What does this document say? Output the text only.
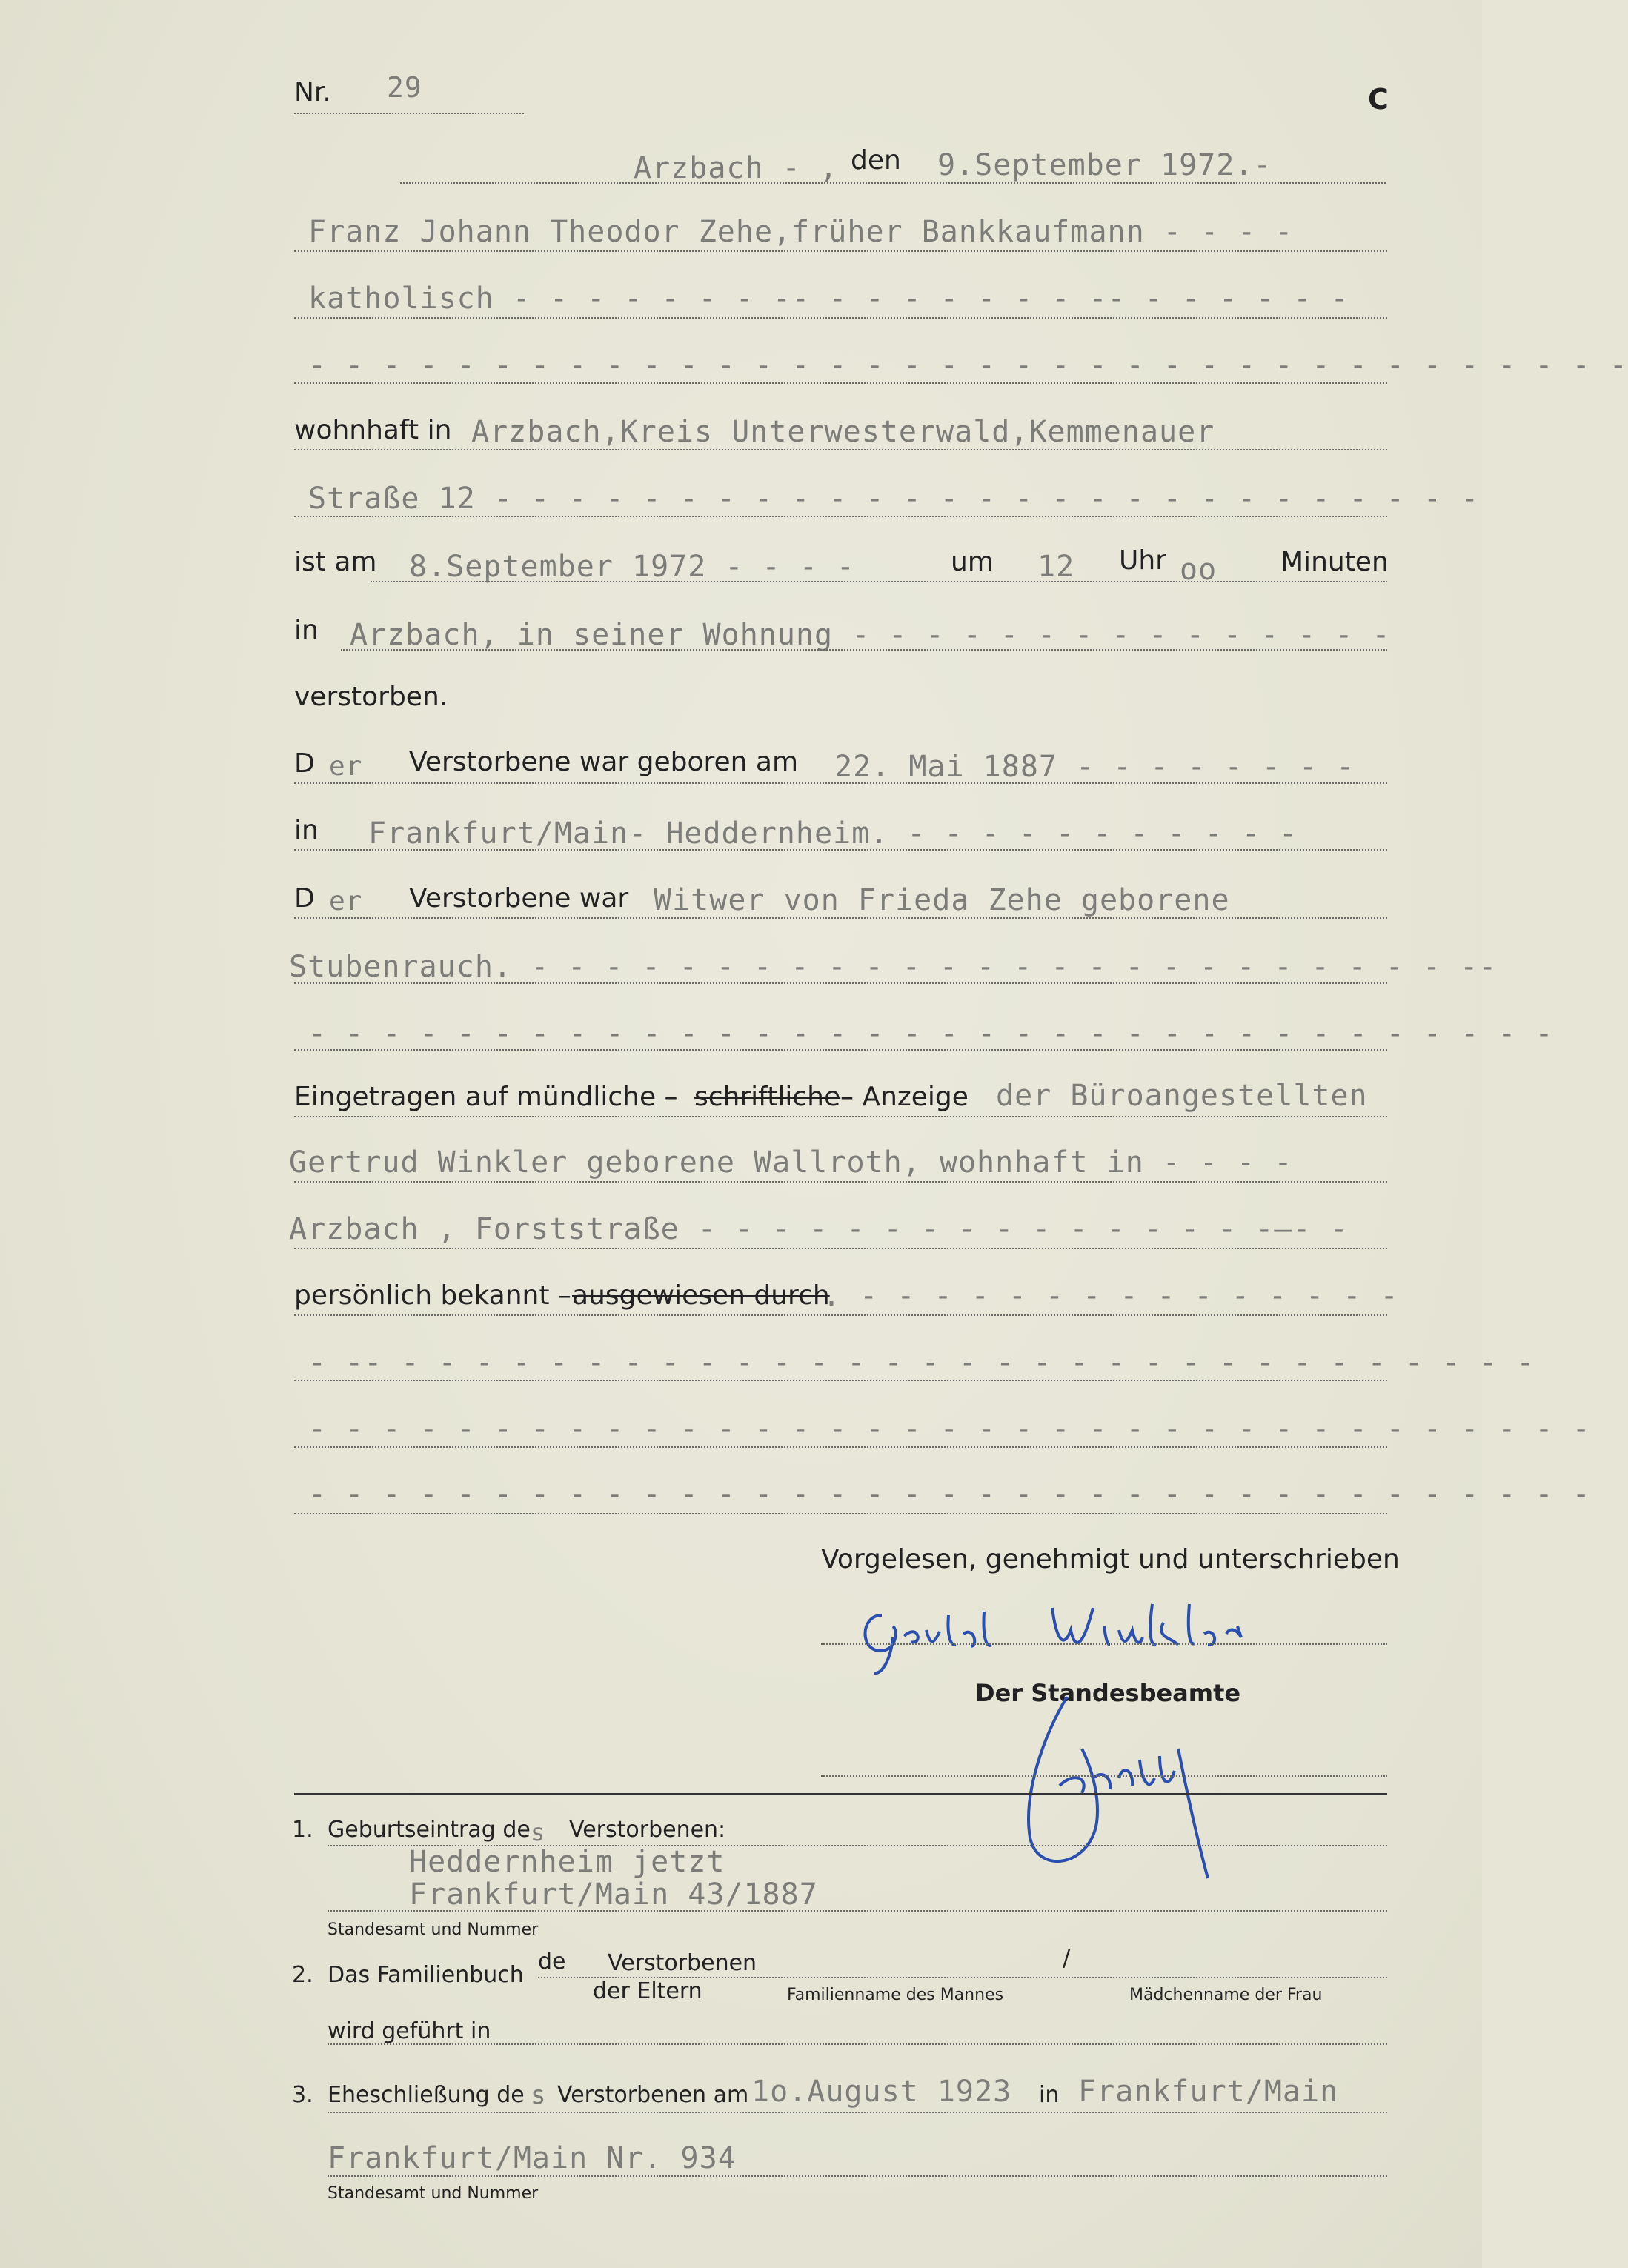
Nr. 29	C
Arzbach - , den 9.September 1972.-
Franz Johann Theodor Zehe,früher Bankkaufmann - - - -
katholisch - - - - - - - -- - - - - - - - -- - - - - - -
- - - - - - - - - - - - - - - - - - - - - - - - - - - - - - - - - - - -
wohnhaft in Arzbach,Kreis Unterwesterwald,Kemmenauer
Straße 12 - - - - - - - - - - - - - - - - - - - - - - - - - - -
ist am 8.September 1972 - - - -	um 12 Uhr oo Minuten
in Arzbach, in seiner Wohnung - - - - - - - - - - - - - - -
verstorben.
D er Verstorbene war geboren am 22. Mai 1887 - - - - - - - -
in Frankfurt/Main- Heddernheim. - - - - - - - - - - -
D er Verstorbene war Witwer von Frieda Zehe geborene
Stubenrauch. - - - - - - - - - - - - - - - - - - - - - - - - - --
- - - - - - - - - - - - - - - - - - - - - - - - - - - - - - - - - -
Eingetragen auf mündliche – schriftliche – Anzeige der Büroangestellten
Gertrud Winkler geborene Wallroth, wohnhaft in - - - -
Arzbach , Forststraße - - - - - - - - - - - - - - - -—- -
persönlich bekannt – ausgewiesen durch
. - - - - - - - - - - - - - - -
- -- - - - - - - - - - - - - - - - - - - - - - - - - - - - - - - -
- - - - - - - - - - - - - - - - - - - - - - - - - - - - - - - - - - -
- - - - - - - - - - - - - - - - - - - - - - - - - - - - - - - - - - -
Vorgelesen, genehmigt und unterschrieben
Der Standesbeamte
1. Geburtseintrag de s Verstorbenen:
Heddernheim jetzt
Frankfurt/Main 43/1887
Standesamt und Nummer
2. Das Familienbuch
de Verstorbenen	/
der Eltern	Familienname des Mannes	Mädchenname der Frau
wird geführt in
3. Eheschließung de s Verstorbenen am 1o.August 1923 in Frankfurt/Main
Frankfurt/Main Nr. 934
Standesamt und Nummer
